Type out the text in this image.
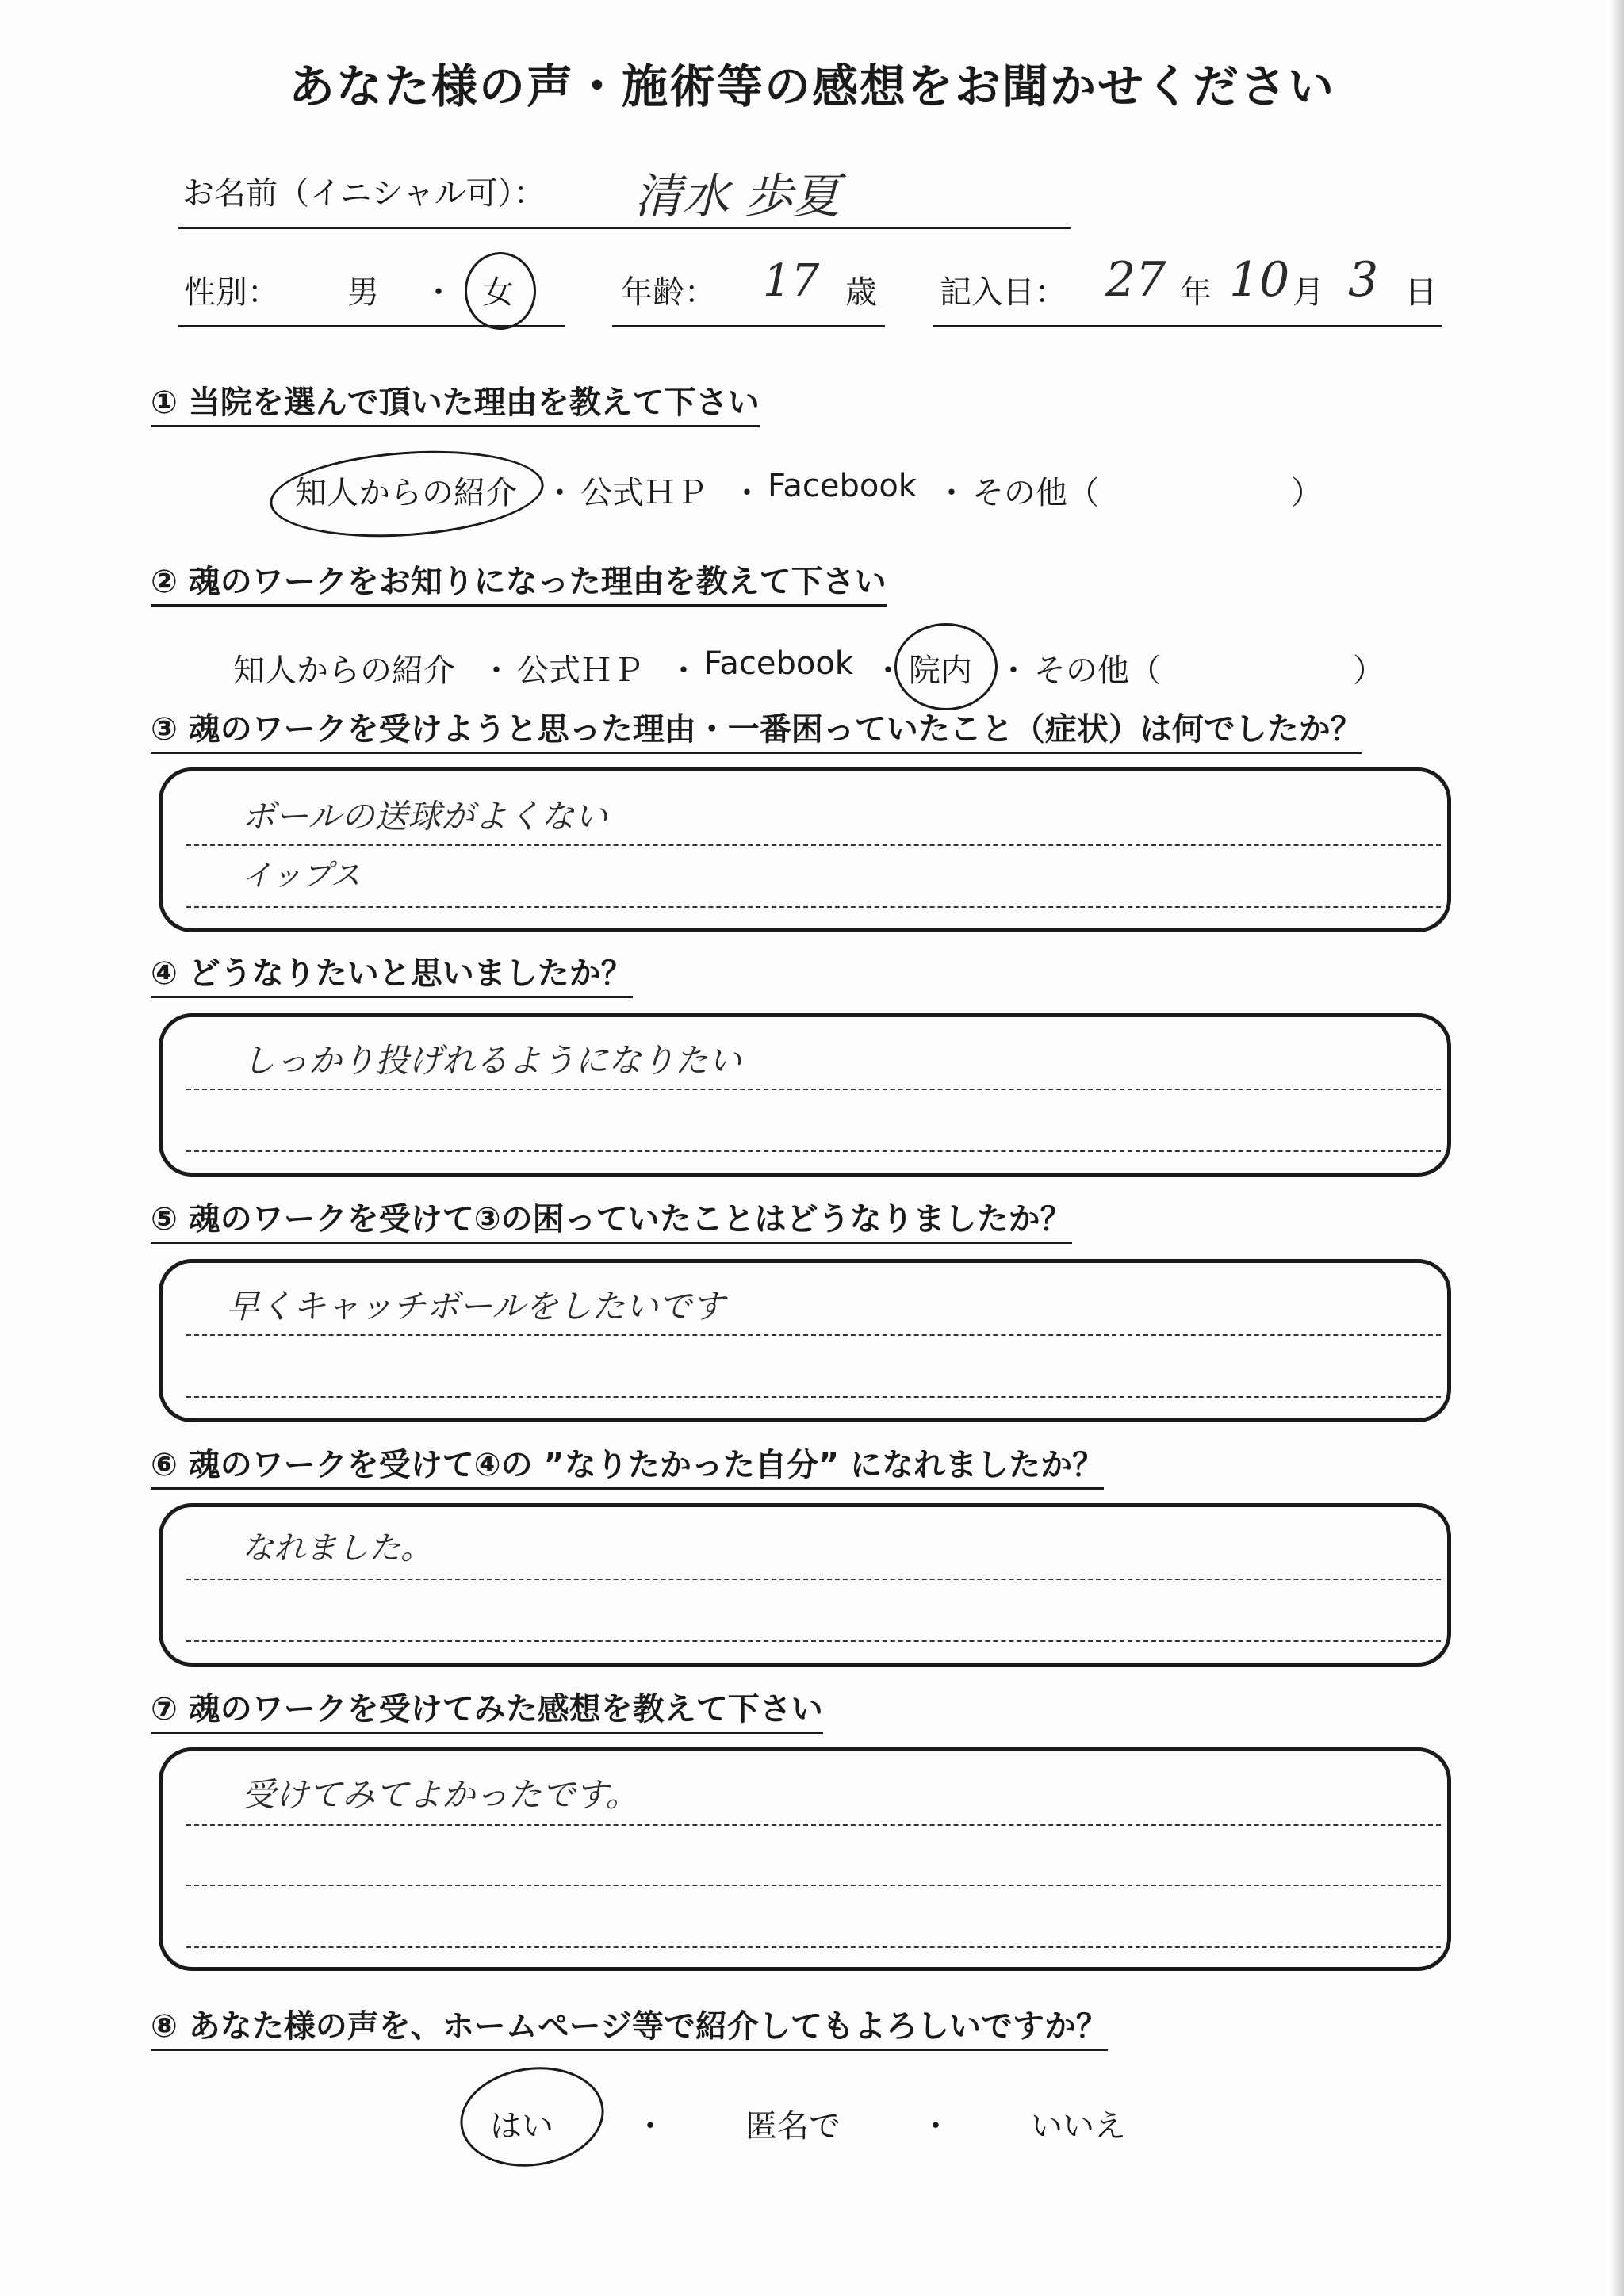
あなた様の声・施術等の感想をお聞かせください
お名前（イニシャル可）： 清水 歩夏
性別： 男 ・ 女	年齢： 17 歳 記入日： 27 年 10 月 3 日
① 当院を選んで頂いた理由を教えて下さい
知人からの紹介 ・ 公式ＨＰ ・ Facebook ・ その他（	）
② 魂のワークをお知りになった理由を教えて下さい
知人からの紹介 ・ 公式ＨＰ ・ Facebook ・ 院内 ・ その他（	）
③ 魂のワークを受けようと思った理由・一番困っていたこと（症状）は何でしたか？
ボールの送球がよくない
イップス
④ どうなりたいと思いましたか？
しっかり投げれるようになりたい
⑤ 魂のワークを受けて③の困っていたことはどうなりましたか？
早くキャッチボールをしたいです
⑥ 魂のワークを受けて④の ”なりたかった自分” になれましたか？
なれました。
⑦ 魂のワークを受けてみた感想を教えて下さい
受けてみてよかったです。
⑧ あなた様の声を、ホームページ等で紹介してもよろしいですか？
はい	・	匿名で	・	いいえ
